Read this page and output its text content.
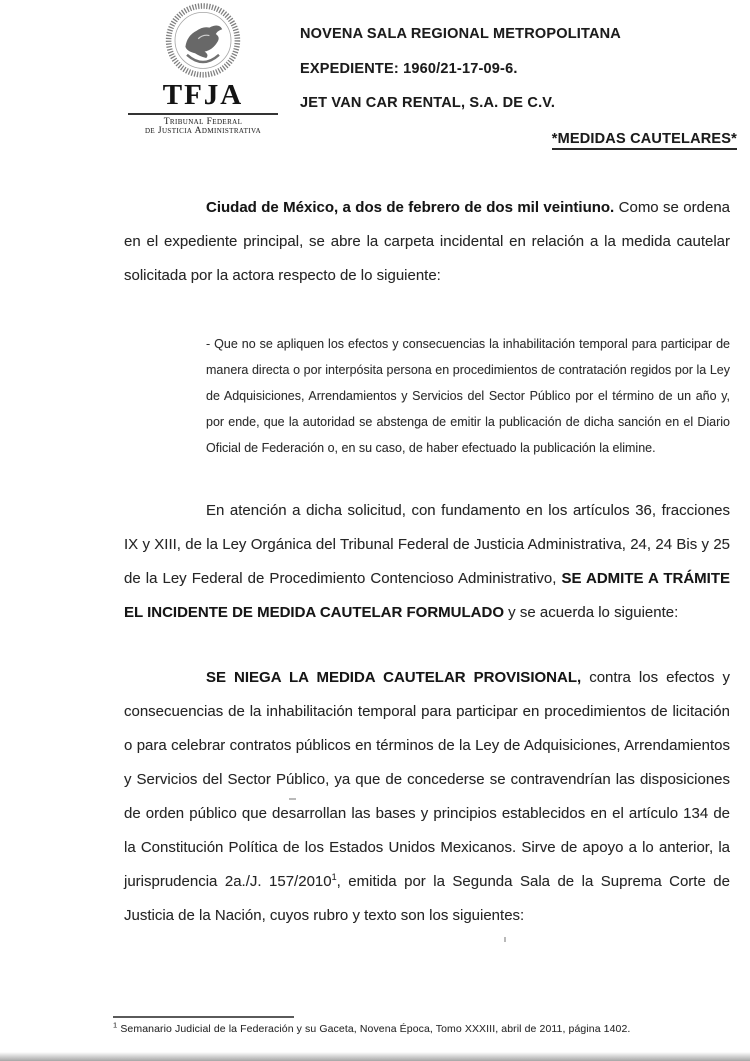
TFJA
Tribunal Federal
de Justicia Administrativa
NOVENA SALA REGIONAL METROPOLITANA
EXPEDIENTE: 1960/21-17-09-6.
JET VAN CAR RENTAL, S.A. DE C.V.
*MEDIDAS CAUTELARES*

Ciudad de México, a dos de febrero de dos mil veintiuno. Como se ordena en el expediente principal, se abre la carpeta incidental en relación a la medida cautelar solicitada por la actora respecto de lo siguiente:

- Que no se apliquen los efectos y consecuencias la inhabilitación temporal para participar de manera directa o por interpósita persona en procedimientos de contratación regidos por la Ley de Adquisiciones, Arrendamientos y Servicios del Sector Público por el término de un año y, por ende, que la autoridad se abstenga de emitir la publicación de dicha sanción en el Diario Oficial de Federación o, en su caso, de haber efectuado la publicación la elimine.

En atención a dicha solicitud, con fundamento en los artículos 36, fracciones IX y XIII, de la Ley Orgánica del Tribunal Federal de Justicia Administrativa, 24, 24 Bis y 25 de la Ley Federal de Procedimiento Contencioso Administrativo, SE ADMITE A TRÁMITE EL INCIDENTE DE MEDIDA CAUTELAR FORMULADO y se acuerda lo siguiente:

SE NIEGA LA MEDIDA CAUTELAR PROVISIONAL, contra los efectos y consecuencias de la inhabilitación temporal para participar en procedimientos de licitación o para celebrar contratos públicos en términos de la Ley de Adquisiciones, Arrendamientos y Servicios del Sector Público, ya que de concederse se contravendrían las disposiciones de orden público que desarrollan las bases y principios establecidos en el artículo 134 de la Constitución Política de los Estados Unidos Mexicanos. Sirve de apoyo a lo anterior, la jurisprudencia 2a./J. 157/2010$^1$, emitida por la Segunda Sala de la Suprema Corte de Justicia de la Nación, cuyos rubro y texto son los siguientes:

$^1$ Semanario Judicial de la Federación y su Gaceta, Novena Época, Tomo XXXIII, abril de 2011, página 1402.
